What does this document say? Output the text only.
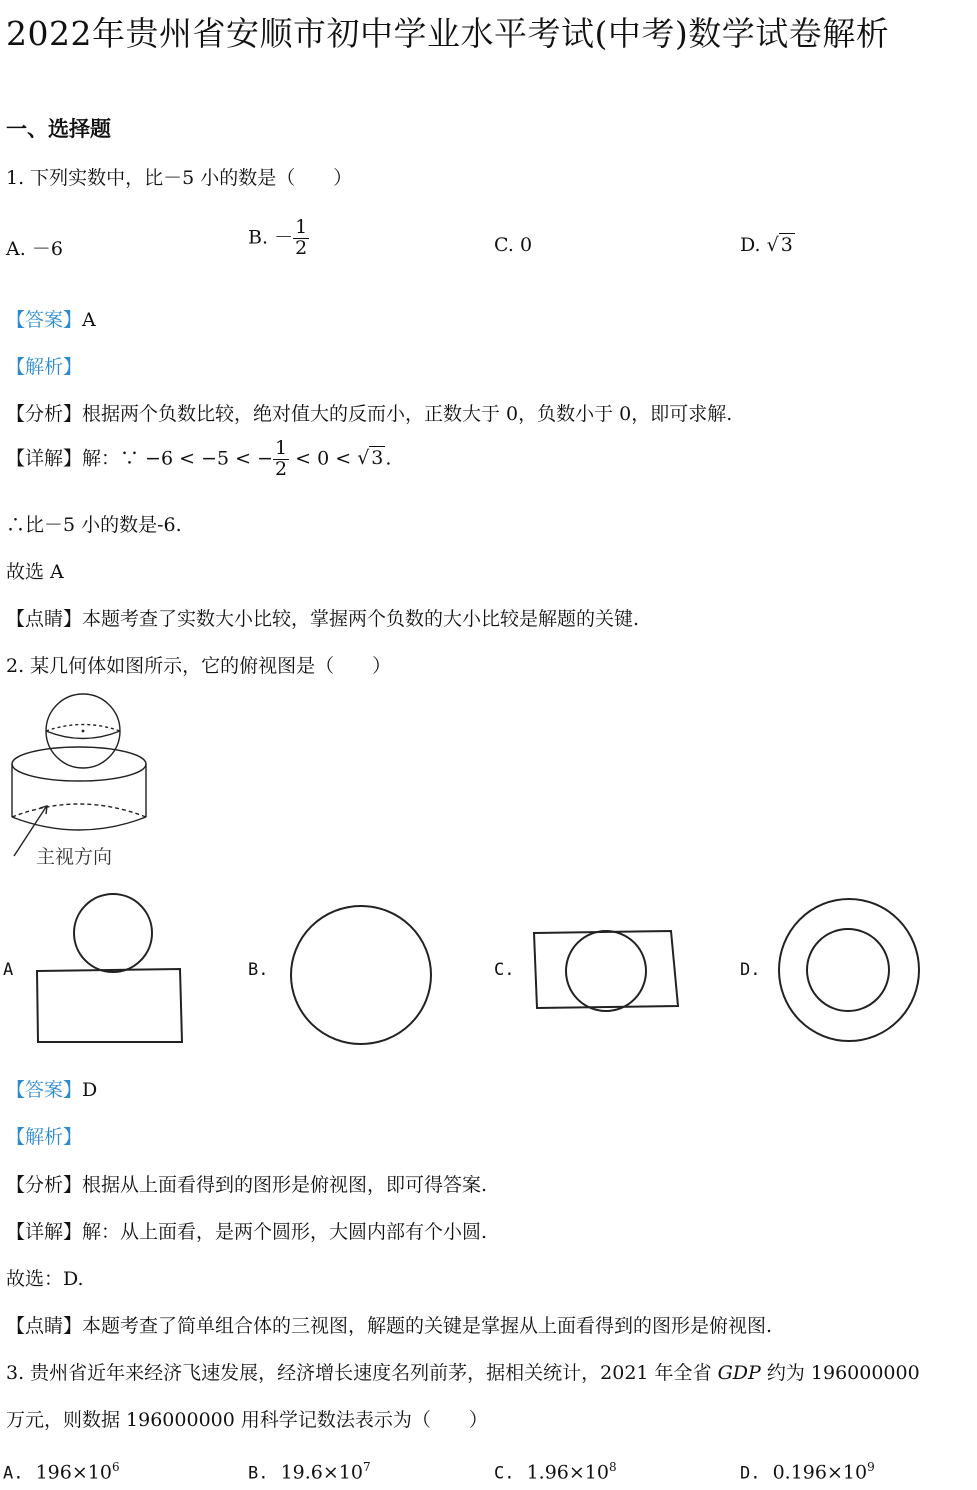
2022年贵州省安顺市初中学业水平考试(中考)数学试卷解析
一、选择题
1. 下列实数中，比－5 小的数是（　　）
A. －6
B. － $\frac{1}{2}$	C. 0	D. √ 3
【答案】A
【解析】
【分析】根据两个负数比较，绝对值大的反而小，正数大于 0，负数小于 0，即可求解.
【详解】解：∵ −6 < −5 < − $\frac{1}{2} < 0$ < √ 3 .
∴比－5 小的数是-6.
故选 A
【点睛】本题考查了实数大小比较，掌握两个负数的大小比较是解题的关键.
2. 某几何体如图所示，它的俯视图是（　　）
主视方向
A	B.	C.	D.
【答案】D
【解析】
【分析】根据从上面看得到的图形是俯视图，即可得答案.
【详解】解：从上面看，是两个圆形，大圆内部有个小圆.
故选：D.
【点睛】本题考查了简单组合体的三视图，解题的关键是掌握从上面看得到的图形是俯视图.
3. 贵州省近年来经济飞速发展，经济增长速度名列前茅，据相关统计，2021 年全省 GDP 约为 196000000
万元，则数据 196000000 用科学记数法表示为（　　）
A. $196\times 10^6$	B. $19.6\times 10^7$	C. $1.96\times 10^8$	D. $0.196\times 10^9$
